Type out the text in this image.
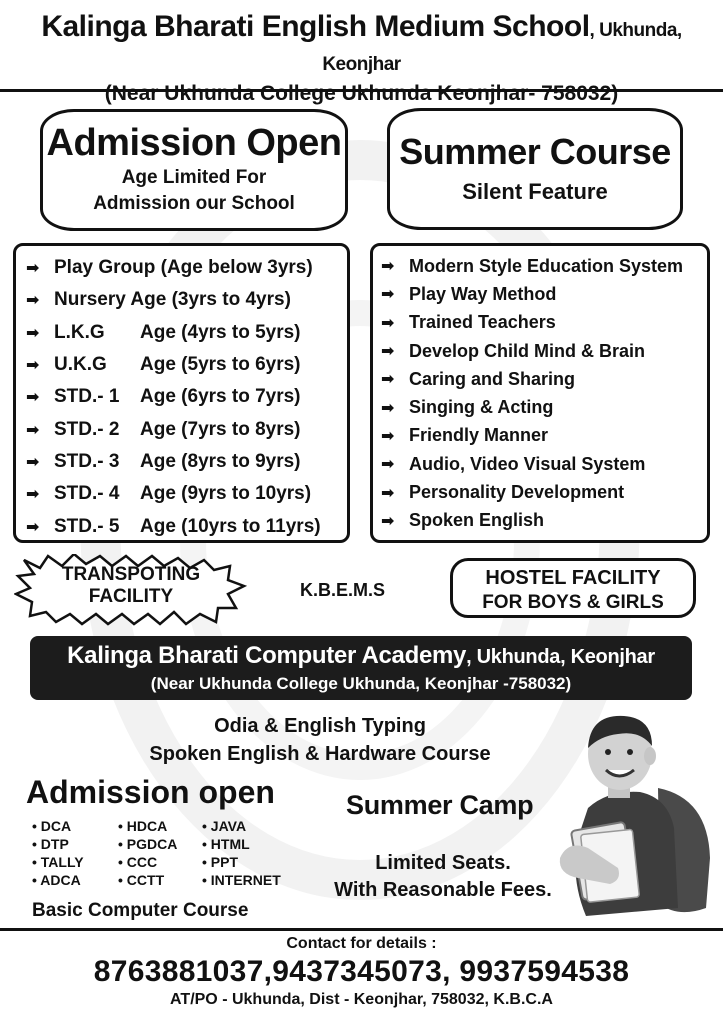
Kalinga Bharati English Medium School, Ukhunda, Keonjhar
(Near Ukhunda College Ukhunda Keonjhar- 758032)
Admission Open
Age Limited For
Admission our School
Summer Course
Silent Feature
➡ Play Group (Age below 3yrs)
➡ Nursery Age (3yrs to 4yrs)
➡ L.K.G	Age (4yrs to 5yrs)
➡ U.K.G	Age (5yrs to 6yrs)
➡ STD.- 1	Age (6yrs to 7yrs)
➡ STD.- 2	Age (7yrs to 8yrs)
➡ STD.- 3	Age (8yrs to 9yrs)
➡ STD.- 4	Age (9yrs to 10yrs)
➡ STD.- 5	Age (10yrs to 11yrs)
➡ Modern Style Education System
➡ Play Way Method
➡ Trained Teachers
➡ Develop Child Mind & Brain
➡ Caring and Sharing
➡ Singing & Acting
➡ Friendly Manner
➡ Audio, Video Visual System
➡ Personality Development
➡ Spoken English
TRANSPOTING
FACILITY	K.B.E.M.S
HOSTEL FACILITY
FOR BOYS & GIRLS
Kalinga Bharati Computer Academy, Ukhunda, Keonjhar
(Near Ukhunda College Ukhunda, Keonjhar -758032)
Odia & English Typing
Spoken English & Hardware Course
Admission open
• DCA	• HDCA	• JAVA
• DTP	• PGDCA	• HTML
• TALLY	• CCC	• PPT
• ADCA	• CCTT	• INTERNET
Basic Computer Course
Summer Camp
Limited Seats.
With Reasonable Fees.
Contact for details :
8763881037,9437345073, 9937594538
AT/PO - Ukhunda, Dist - Keonjhar, 758032, K.B.C.A
